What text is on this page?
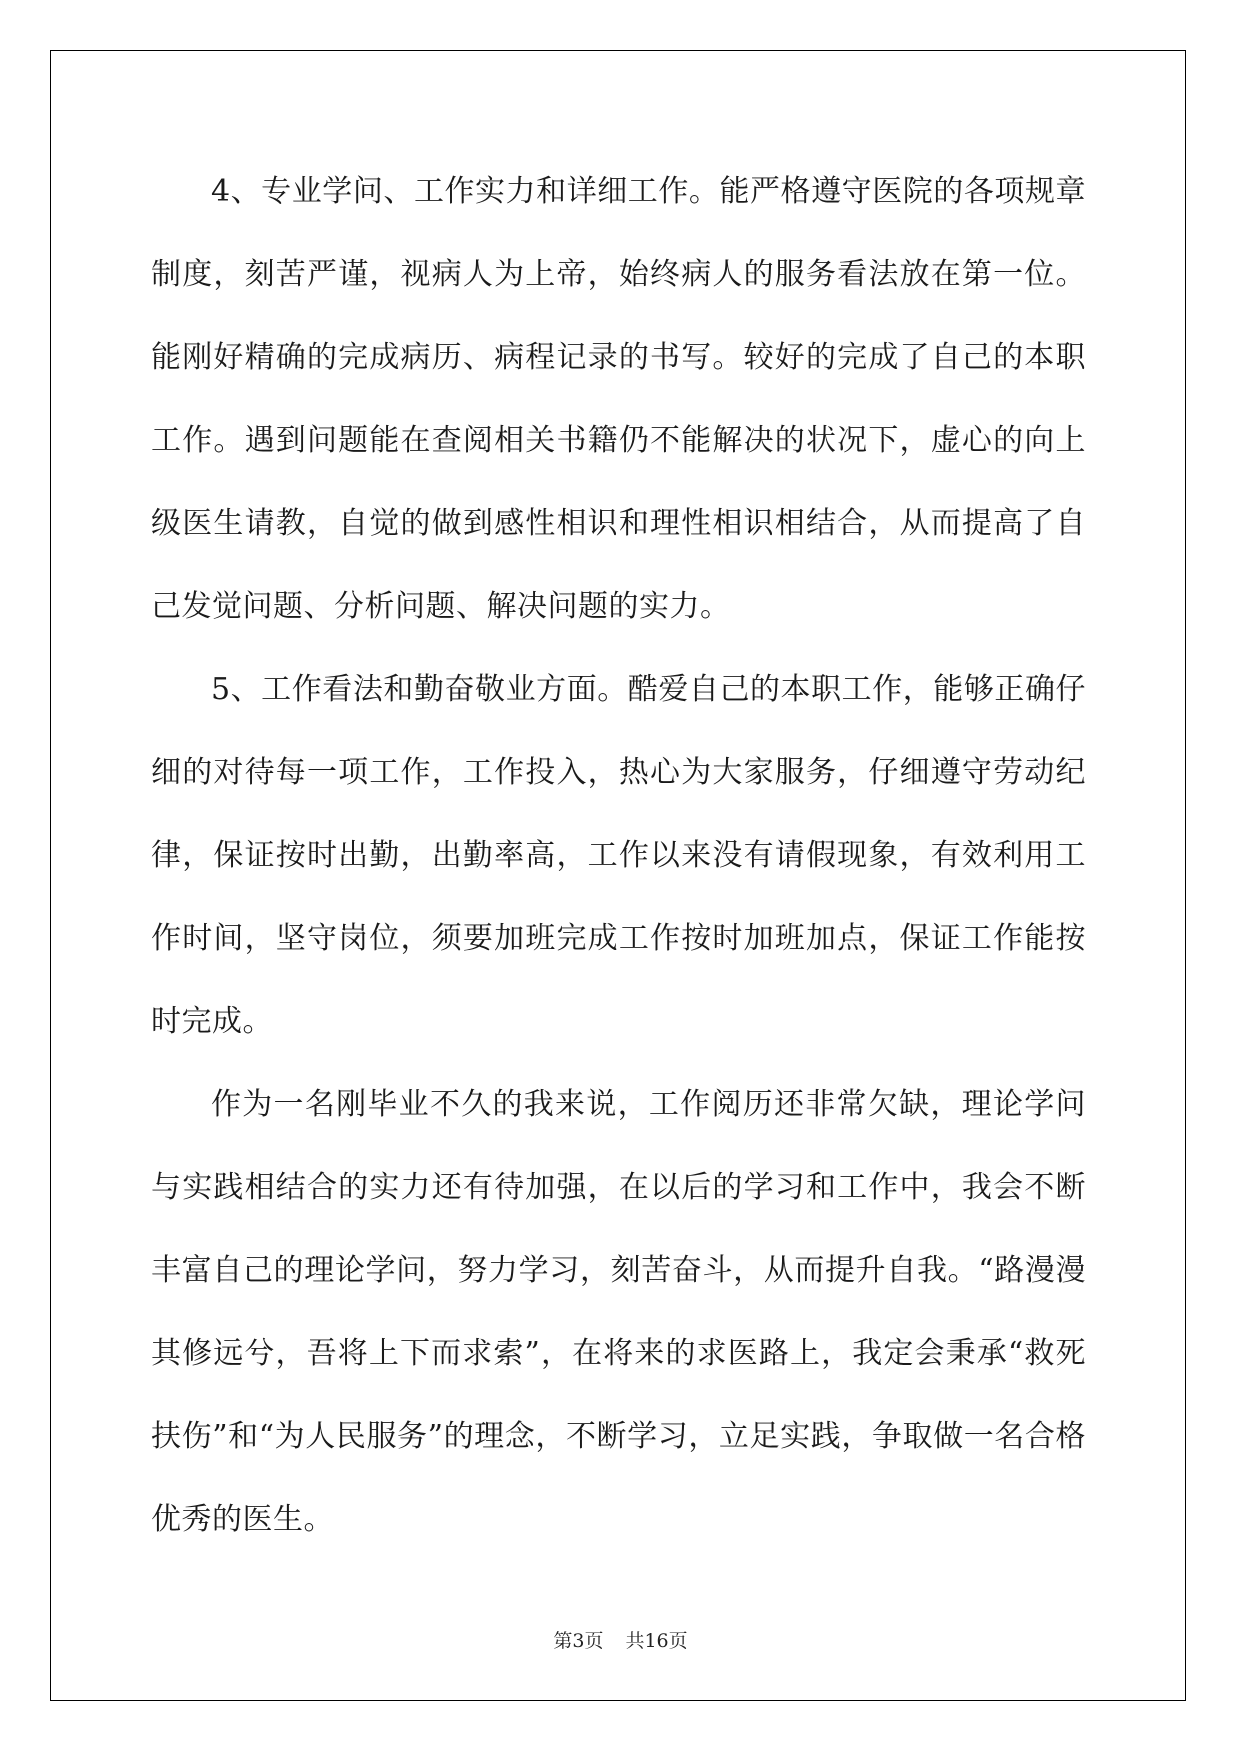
4、专业学问、工作实力和详细工作。能严格遵守医院的各项规章制度，刻苦严谨，视病人为上帝，始终病人的服务看法放在第一位。能刚好精确的完成病历、病程记录的书写。较好的完成了自己的本职工作。遇到问题能在查阅相关书籍仍不能解决的状况下，虚心的向上级医生请教，自觉的做到感性相识和理性相识相结合，从而提高了自己发觉问题、分析问题、解决问题的实力。

5、工作看法和勤奋敬业方面。酷爱自己的本职工作，能够正确仔细的对待每一项工作，工作投入，热心为大家服务，仔细遵守劳动纪律，保证按时出勤，出勤率高，工作以来没有请假现象，有效利用工作时间，坚守岗位，须要加班完成工作按时加班加点，保证工作能按时完成。

作为一名刚毕业不久的我来说，工作阅历还非常欠缺，理论学问与实践相结合的实力还有待加强，在以后的学习和工作中，我会不断丰富自己的理论学问，努力学习，刻苦奋斗，从而提升自我。“路漫漫其修远兮，吾将上下而求索”，在将来的求医路上，我定会秉承“救死扶伤”和“为人民服务”的理念，不断学习，立足实践，争取做一名合格优秀的医生。

第3页 共16页
